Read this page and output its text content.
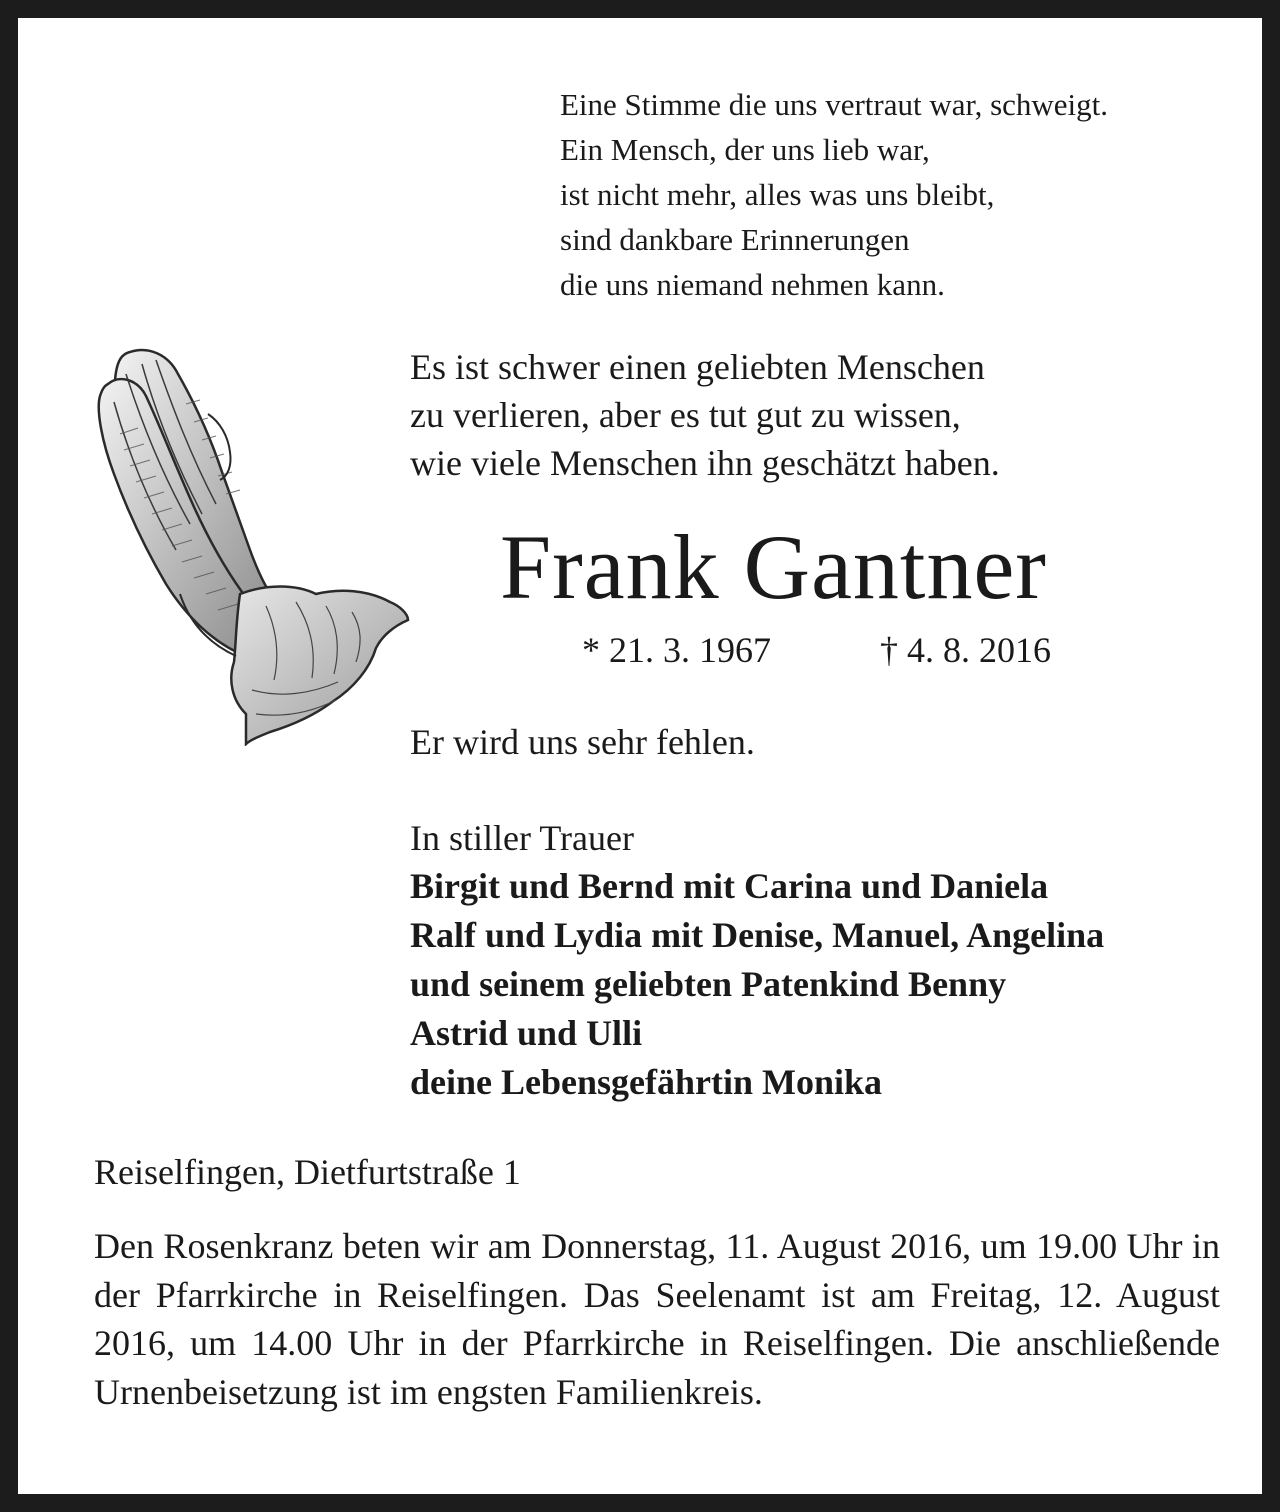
Eine Stimme die uns vertraut war, schweigt.
Ein Mensch, der uns lieb war,
ist nicht mehr, alles was uns bleibt,
sind dankbare Erinnerungen
die uns niemand nehmen kann.
Es ist schwer einen geliebten Menschen
zu verlieren, aber es tut gut zu wissen,
wie viele Menschen ihn geschätzt haben.
Frank Gantner
* 21. 3. 1967	† 4. 8. 2016
Er wird uns sehr fehlen.
In stiller Trauer
Birgit und Bernd mit Carina und Daniela
Ralf und Lydia mit Denise, Manuel, Angelina
und seinem geliebten Patenkind Benny
Astrid und Ulli
deine Lebensgefährtin Monika
Reiselfingen, Dietfurtstraße 1

Den Rosenkranz beten wir am Donnerstag, 11. August 2016, um 19.00 Uhr in der Pfarrkirche in Reiselfingen. Das Seelenamt ist am Freitag, 12. August 2016, um 14.00 Uhr in der Pfarrkirche in Reiselfingen. Die anschließende Urnenbeisetzung ist im engsten Familienkreis.
